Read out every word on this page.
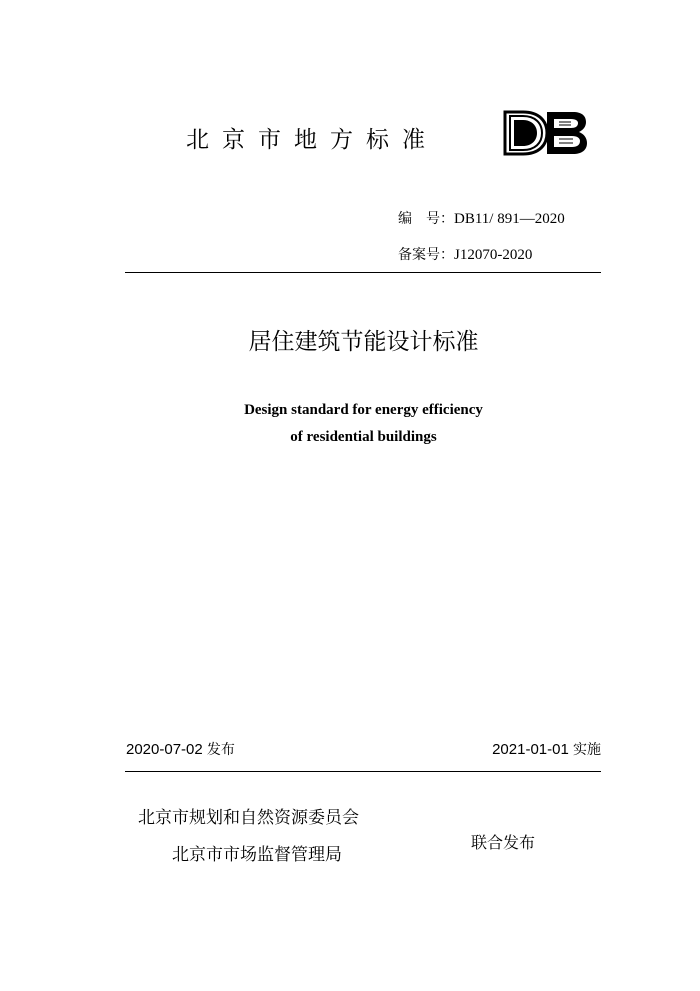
北京市地方标准
编　号：DB11/ 891—2020
备案号：J12070-2020
居住建筑节能设计标准
Design standard for energy efficiency
of residential buildings
2020-07-02 发布	2021-01-01 实施
北京市规划和自然资源委员会
北京市市场监督管理局
联合发布
